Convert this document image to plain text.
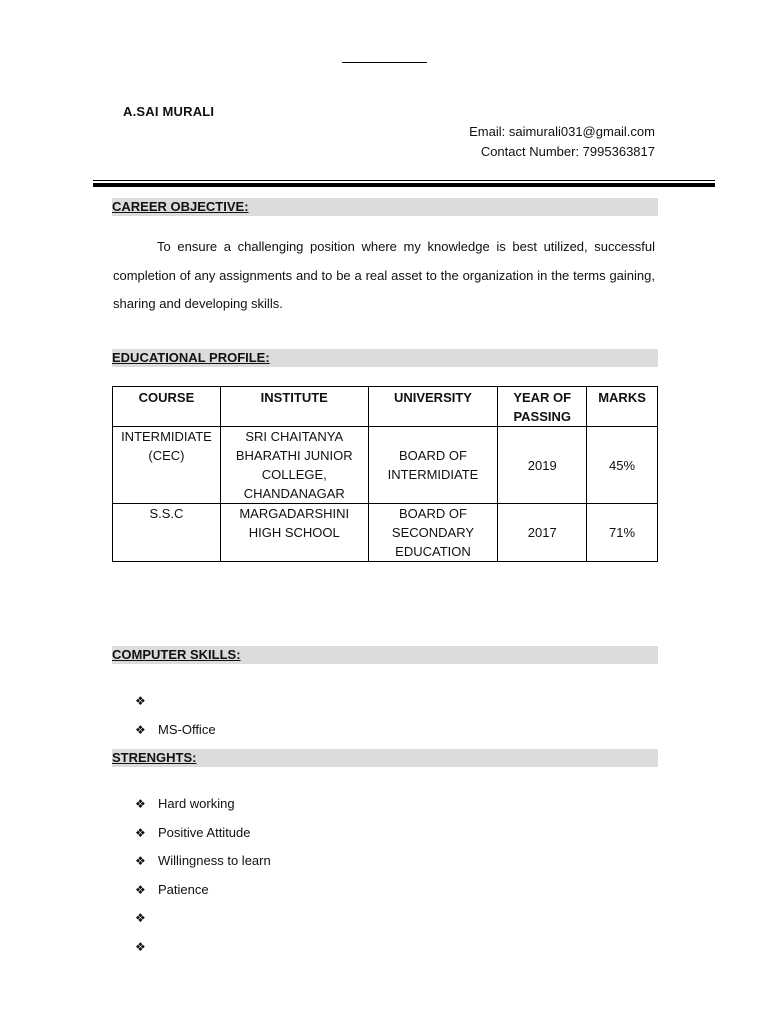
A.SAI MURALI
Email: saimurali031@gmail.com
Contact Number: 7995363817
CAREER OBJECTIVE:
To ensure a challenging position where my knowledge is best utilized, successful completion of any assignments and to be a real asset to the organization in the terms gaining, sharing and developing skills.
EDUCATIONAL PROFILE:
COURSE	INSTITUTE	UNIVERSITY	YEAR OF PASSING	MARKS
INTERMIDIATE (CEC)	SRI CHAITANYA BHARATHI JUNIOR COLLEGE, CHANDANAGAR	BOARD OF INTERMIDIATE	2019	45%
S.S.C	MARGADARSHINI HIGH SCHOOL	BOARD OF SECONDARY EDUCATION	2017	71%
COMPUTER SKILLS:
❖
❖ MS-Office
STRENGHTS:
❖ Hard working
❖ Positive Attitude
❖ Willingness to learn
❖ Patience
❖
❖
